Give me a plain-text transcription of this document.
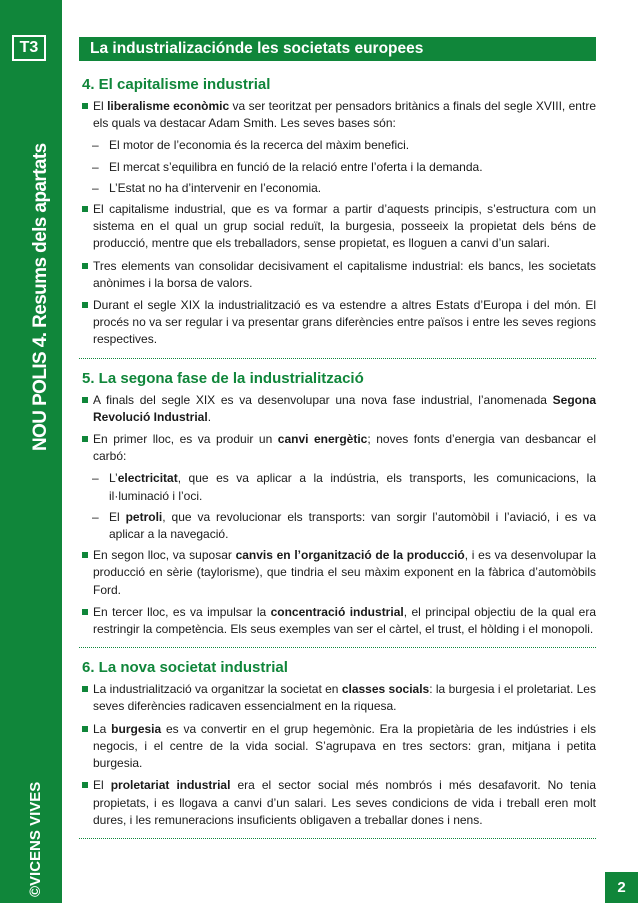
T3
NOU POLIS 4. Resums dels apartats
©VICENS VIVES
La industrializaciónde les societats europees
4. El capitalisme industrial
El liberalisme econòmic va ser teoritzat per pensadors britànics a finals del segle XVIII, entre els quals va destacar Adam Smith. Les seves bases són:
– El motor de l’economia és la recerca del màxim benefici.
– El mercat s’equilibra en funció de la relació entre l’oferta i la demanda.
– L’Estat no ha d’intervenir en l’economia.
El capitalisme industrial, que es va formar a partir d’aquests principis, s’estructura com un sistema en el qual un grup social reduït, la burgesia, posseeix la propietat dels béns de producció, mentre que els treballadors, sense propietat, es lloguen a canvi d’un salari.
Tres elements van consolidar decisivament el capitalisme industrial: els bancs, les societats anònimes i la borsa de valors.
Durant el segle XIX la industrialització es va estendre a altres Estats d’Europa i del món. El procés no va ser regular i va presentar grans diferències entre països i entre les seves regions respectives.
5. La segona fase de la industrialització
A finals del segle XIX es va desenvolupar una nova fase industrial, l’anomenada Segona Revolució Industrial.
En primer lloc, es va produir un canvi energètic; noves fonts d’energia van desbancar el carbó:
– L’electricitat, que es va aplicar a la indústria, els transports, les comunicacions, la il·luminació i l’oci.
– El petroli, que va revolucionar els transports: van sorgir l’automòbil i l’aviació, i es va aplicar a la navegació.
En segon lloc, va suposar canvis en l’organització de la producció, i es va desenvolupar la producció en sèrie (taylorisme), que tindria el seu màxim exponent en la fàbrica d’automòbils Ford.
En tercer lloc, es va impulsar la concentració industrial, el principal objectiu de la qual era restringir la competència. Els seus exemples van ser el càrtel, el trust, el hòlding i el monopoli.
6. La nova societat industrial
La industrialització va organitzar la societat en classes socials: la burgesia i el proletariat. Les seves diferències radicaven essencialment en la riquesa.
La burgesia es va convertir en el grup hegemònic. Era la propietària de les indústries i els negocis, i el centre de la vida social. S’agrupava en tres sectors: gran, mitjana i petita burgesia.
El proletariat industrial era el sector social més nombrós i més desafavorit. No tenia propietats, i es llogava a canvi d’un salari. Les seves condicions de vida i treball eren molt dures, i les remuneracions insuficients obligaven a treballar dones i nens.
2
